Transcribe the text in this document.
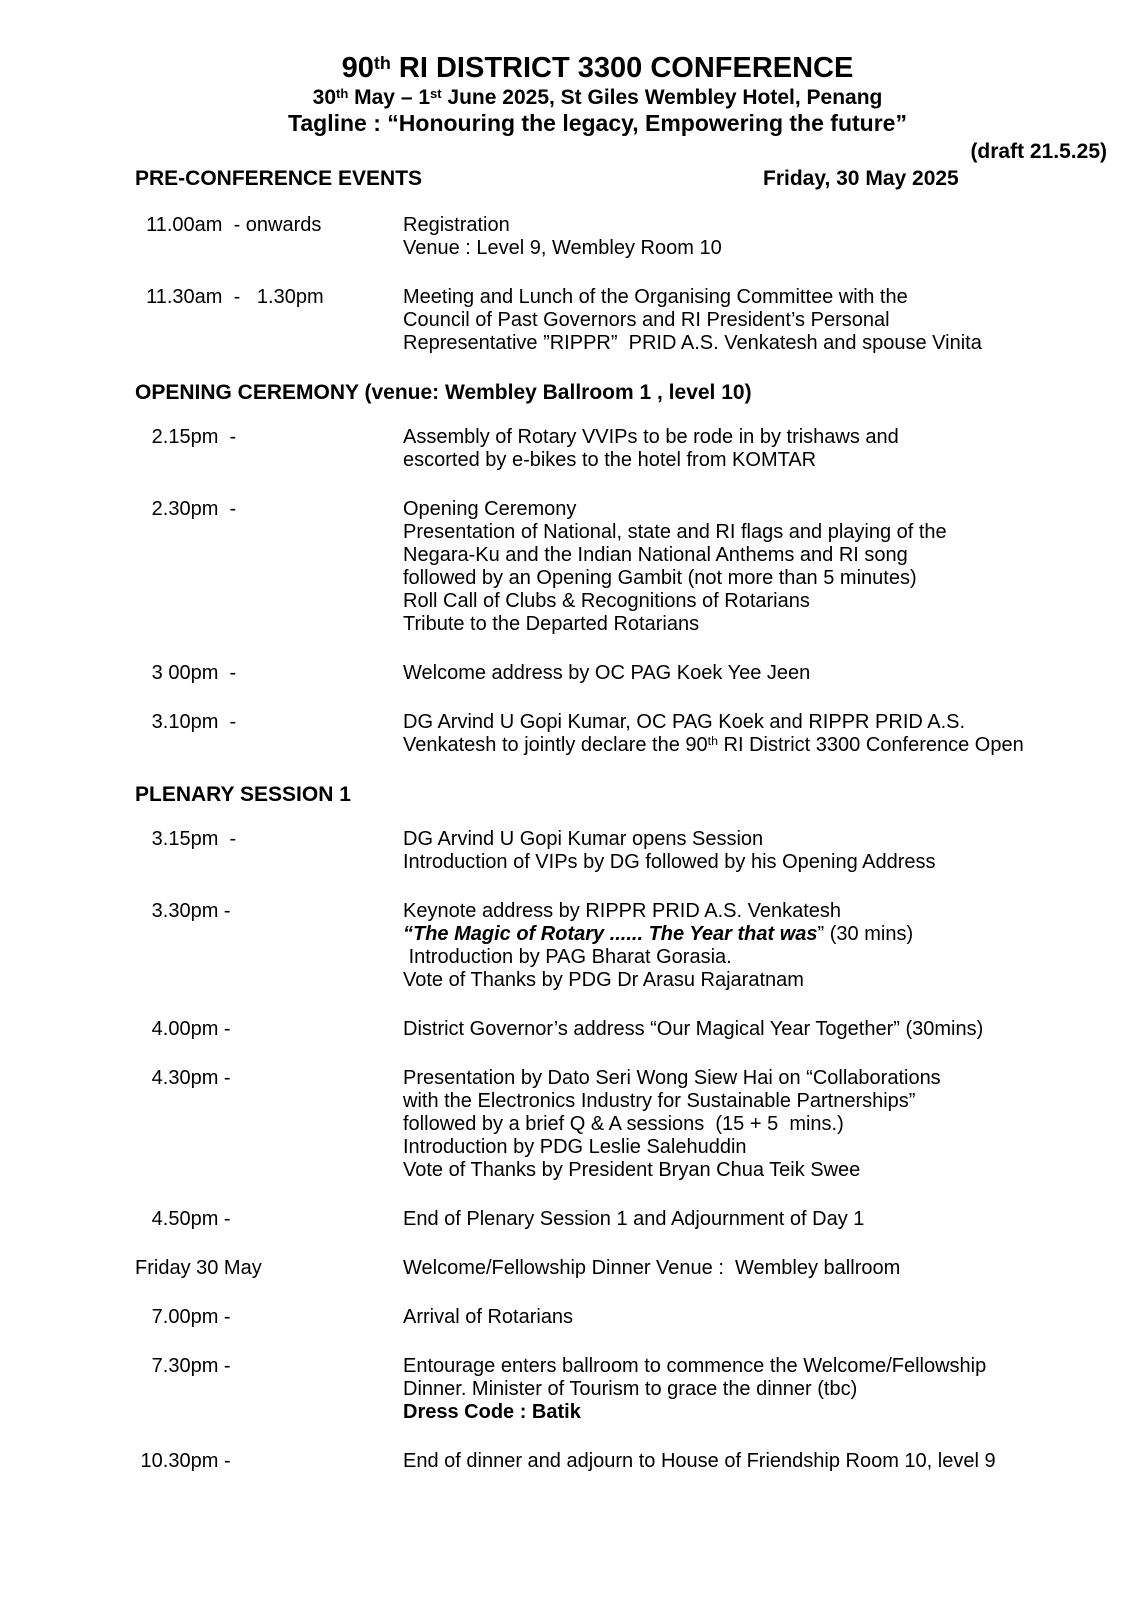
90th RI DISTRICT 3300 CONFERENCE
30th May – 1st June 2025, St Giles Wembley Hotel, Penang
Tagline : “Honouring the legacy, Empowering the future”
(draft 21.5.25)
PRE-CONFERENCE EVENTS	Friday, 30 May 2025
11.00am  - onwards	Registration
Venue : Level 9, Wembley Room 10
11.30am  -   1.30pm	Meeting and Lunch of the Organising Committee with the
Council of Past Governors and RI President’s Personal
Representative ”RIPPR”  PRID A.S. Venkatesh and spouse Vinita
OPENING CEREMONY (venue: Wembley Ballroom 1 , level 10)
2.15pm  -	Assembly of Rotary VVIPs to be rode in by trishaws and
escorted by e-bikes to the hotel from KOMTAR
2.30pm  -	Opening Ceremony
Presentation of National, state and RI flags and playing of the
Negara-Ku and the Indian National Anthems and RI song
followed by an Opening Gambit (not more than 5 minutes)
Roll Call of Clubs & Recognitions of Rotarians
Tribute to the Departed Rotarians
3 00pm  -	Welcome address by OC PAG Koek Yee Jeen
3.10pm  -	DG Arvind U Gopi Kumar, OC PAG Koek and RIPPR PRID A.S.
Venkatesh to jointly declare the 90th RI District 3300 Conference Open
PLENARY SESSION 1
3.15pm  -	DG Arvind U Gopi Kumar opens Session
Introduction of VIPs by DG followed by his Opening Address
3.30pm -	Keynote address by RIPPR PRID A.S. Venkatesh
“The Magic of Rotary ...... The Year that was” (30 mins)
Introduction by PAG Bharat Gorasia.
Vote of Thanks by PDG Dr Arasu Rajaratnam
4.00pm -	District Governor’s address “Our Magical Year Together” (30mins)
4.30pm -	Presentation by Dato Seri Wong Siew Hai on “Collaborations
with the Electronics Industry for Sustainable Partnerships”
followed by a brief Q & A sessions  (15 + 5  mins.)
Introduction by PDG Leslie Salehuddin
Vote of Thanks by President Bryan Chua Teik Swee
4.50pm -	End of Plenary Session 1 and Adjournment of Day 1
Friday 30 May	Welcome/Fellowship Dinner Venue :  Wembley ballroom
7.00pm -	Arrival of Rotarians
7.30pm -	Entourage enters ballroom to commence the Welcome/Fellowship
Dinner. Minister of Tourism to grace the dinner (tbc)
Dress Code : Batik
10.30pm -	End of dinner and adjourn to House of Friendship Room 10, level 9
